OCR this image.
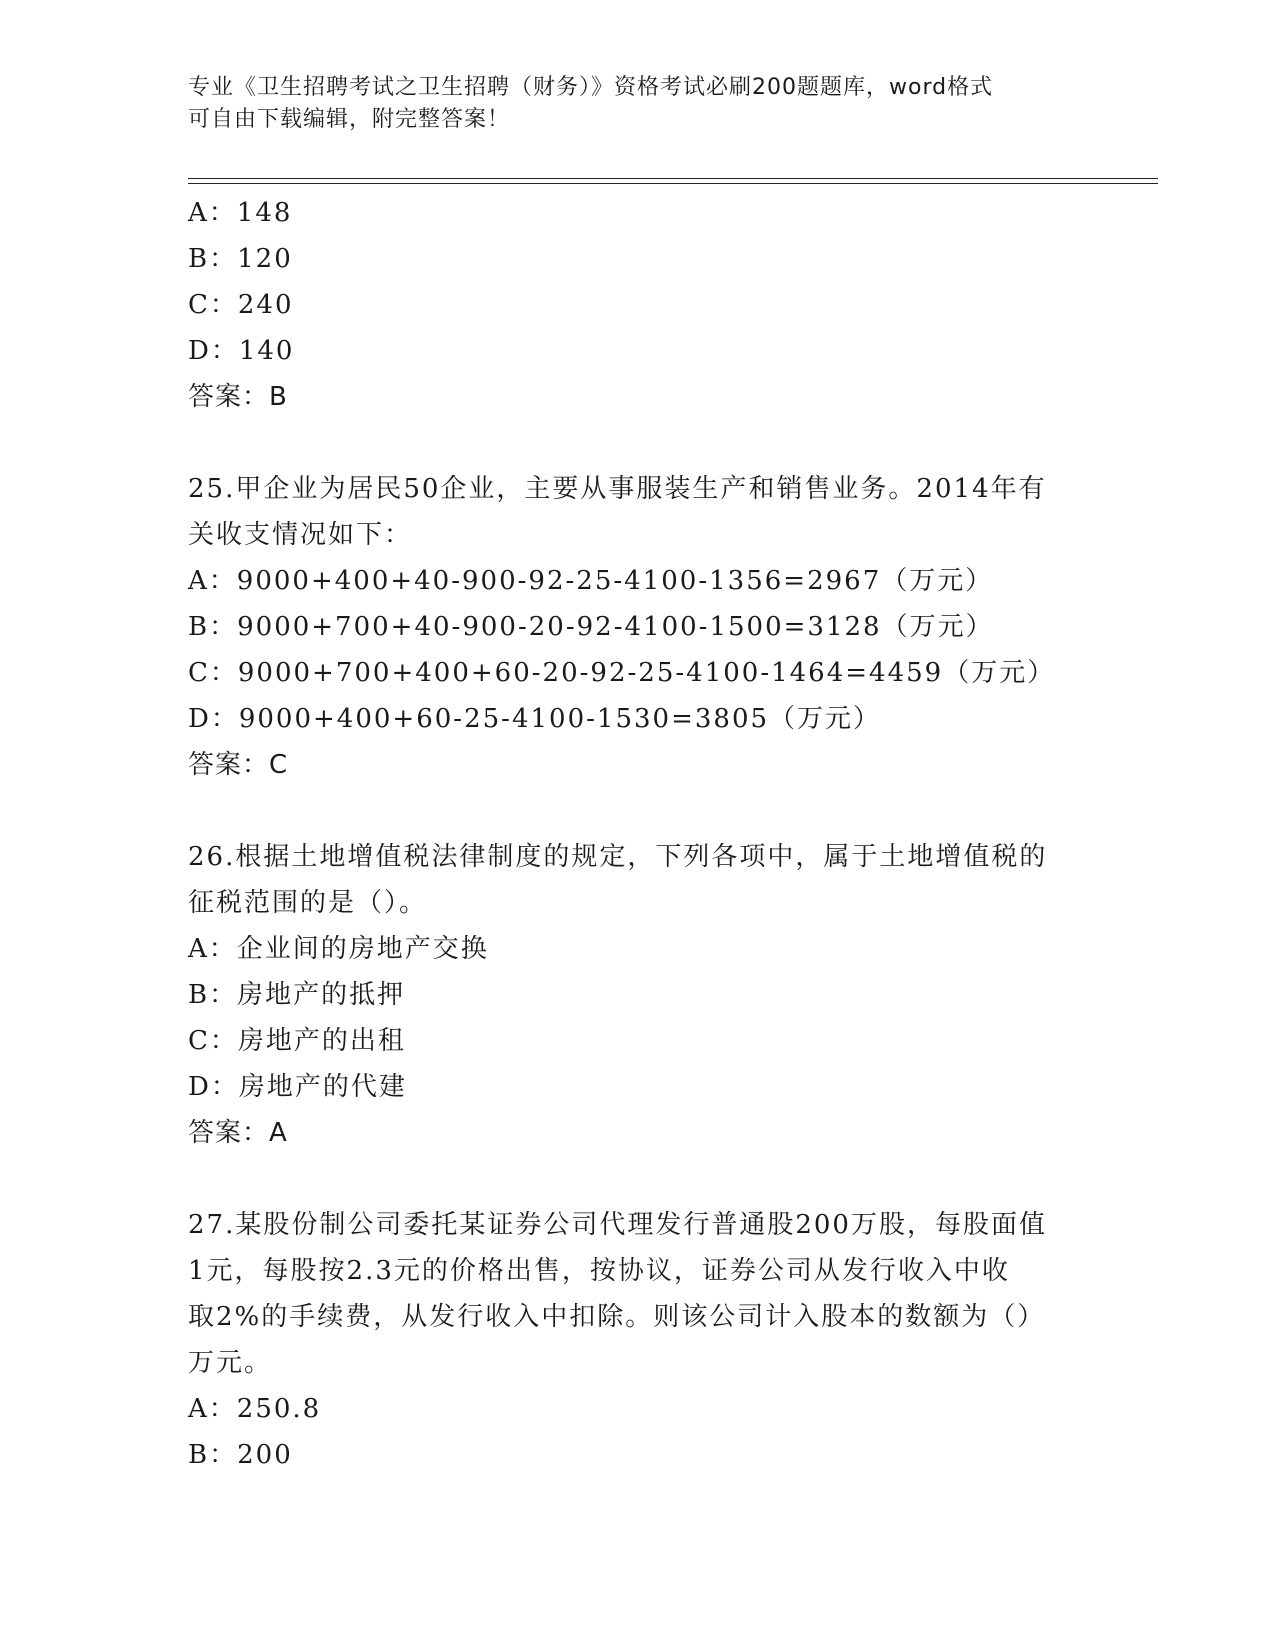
专业《卫生招聘考试之卫生招聘（财务）》资格考试必刷200题题库，word格式
可自由下载编辑，附完整答案！
A：148
B：120
C：240
D：140
答案：B
25.甲企业为居民50企业，主要从事服装生产和销售业务。2014年有
关收支情况如下：
A：9000+400+40-900-92-25-4100-1356=2967（万元）
B：9000+700+40-900-20-92-4100-1500=3128（万元）
C：9000+700+400+60-20-92-25-4100-1464=4459（万元）
D：9000+400+60-25-4100-1530=3805（万元）
答案：C
26.根据土地增值税法律制度的规定，下列各项中，属于土地增值税的
征税范围的是（）。
A：企业间的房地产交换
B：房地产的抵押
C：房地产的出租
D：房地产的代建
答案：A
27.某股份制公司委托某证券公司代理发行普通股200万股，每股面值
1元，每股按2.3元的价格出售，按协议，证券公司从发行收入中收
取2%的手续费，从发行收入中扣除。则该公司计入股本的数额为（）
万元。
A：250.8
B：200
